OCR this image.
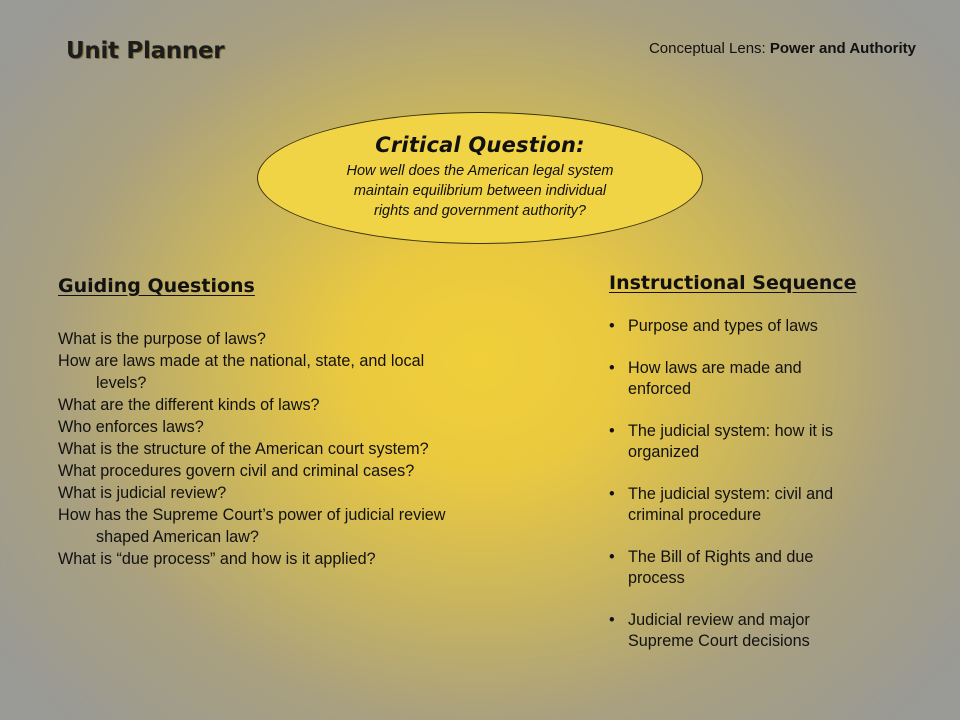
Unit Planner	Conceptual Lens: Power and Authority
Critical Question:
How well does the American legal system
maintain equilibrium between individual
rights and government authority?
Guiding Questions
What is the purpose of laws?
How are laws made at the national, state, and local
levels?
What are the different kinds of laws?
Who enforces laws?
What is the structure of the American court system?
What procedures govern civil and criminal cases?
What is judicial review?
How has the Supreme Court’s power of judicial review
shaped American law?
What is “due process” and how is it applied?
Instructional Sequence
• Purpose and types of laws
• How laws are made and
enforced
• The judicial system: how it is
organized
• The judicial system: civil and
criminal procedure
• The Bill of Rights and due
process
• Judicial review and major
Supreme Court decisions
